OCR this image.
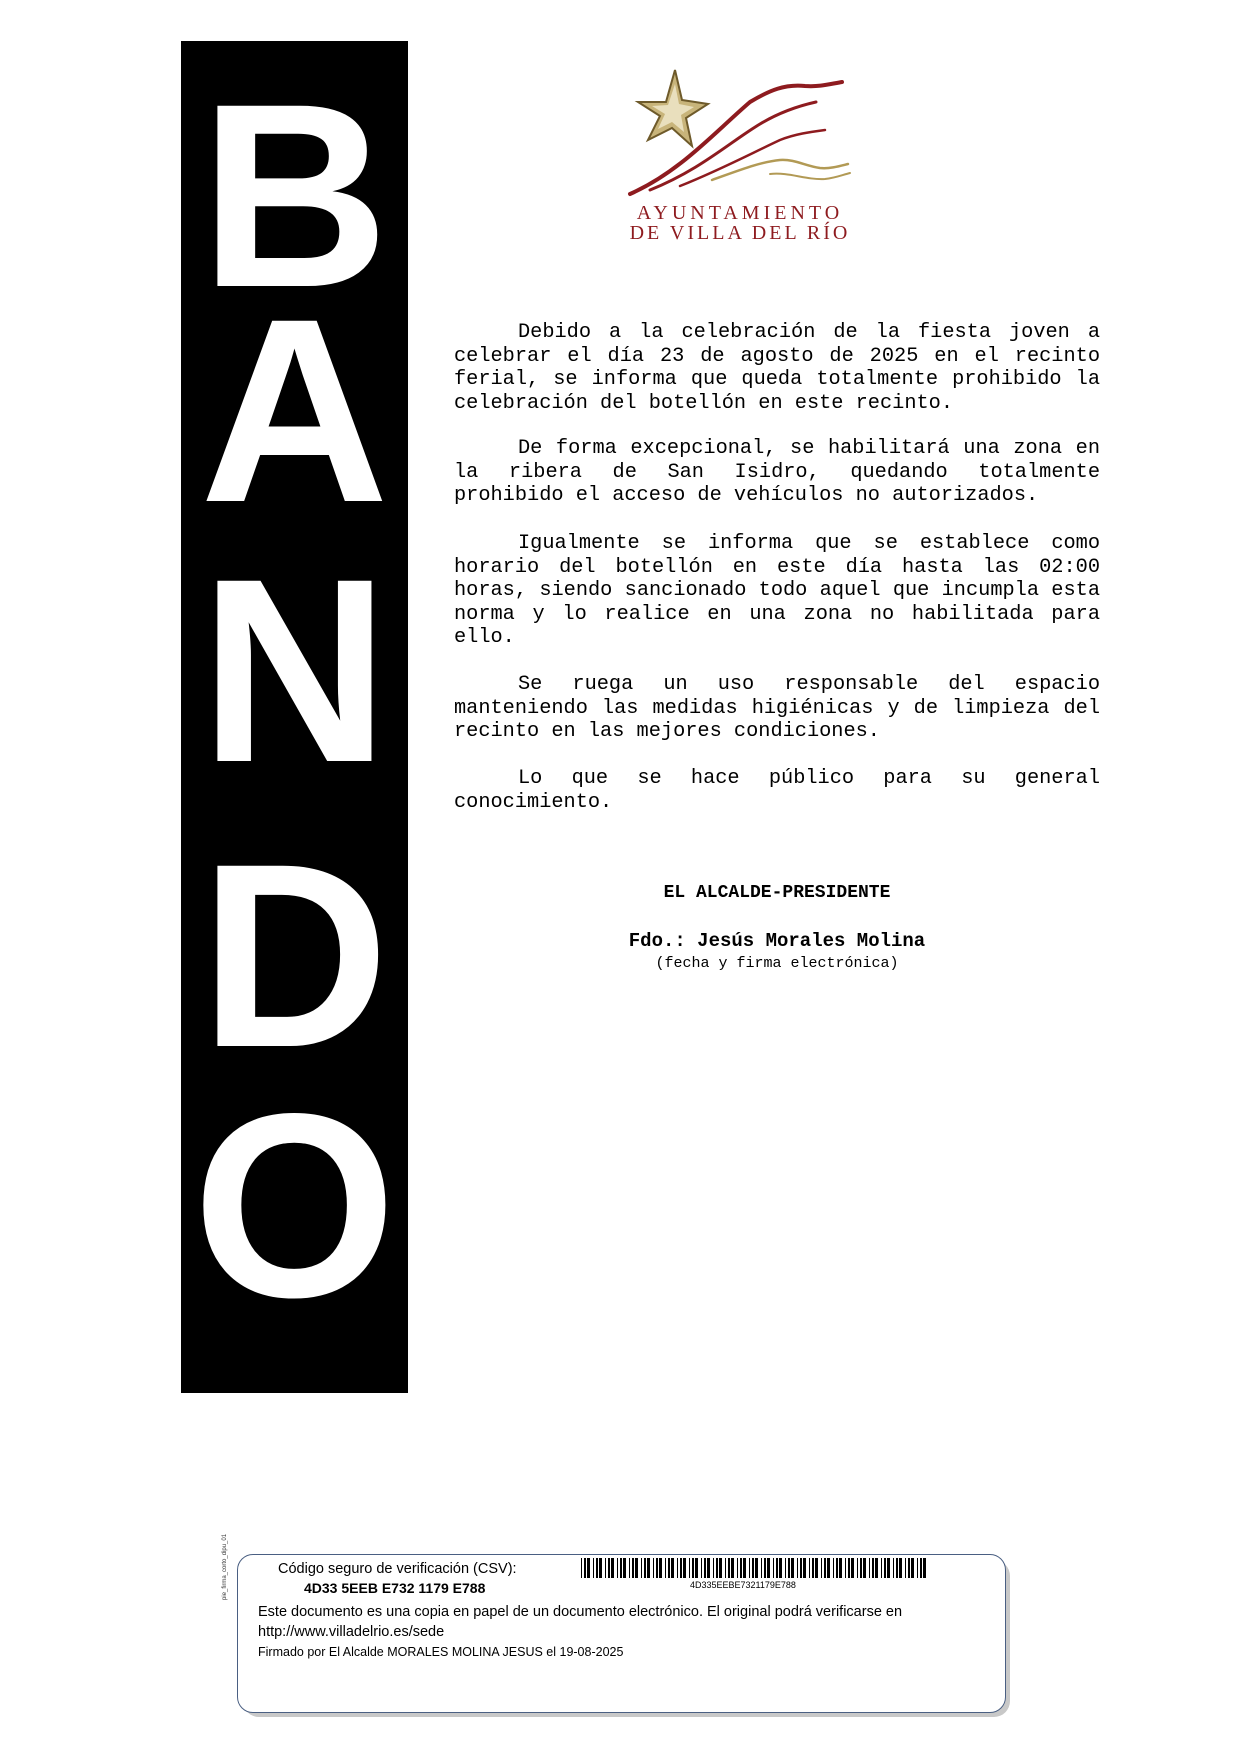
B
A
N
D
O
AYUNTAMIENTO
DE VILLA DEL RÍO

Debido a la celebración de la fiesta joven a celebrar el día 23 de agosto de 2025 en el recinto ferial, se informa que queda totalmente prohibido la celebración del botellón en este recinto.

De forma excepcional, se habilitará una zona en la ribera de San Isidro, quedando totalmente prohibido el acceso de vehículos no autorizados.

Igualmente se informa que se establece como horario del botellón en este día hasta las 02:00 horas, siendo sancionado todo aquel que incumpla esta norma y lo realice en una zona no habilitada para ello.

Se ruega un uso responsable del espacio manteniendo las medidas higiénicas y de limpieza del recinto en las mejores condiciones.

Lo que se hace público para su general conocimiento.

EL ALCALDE-PRESIDENTE
Fdo.: Jesús Morales Molina
(fecha y firma electrónica)
pie_firma_corto_dipu_01	Código seguro de verificación (CSV):
4D33 5EEB E732 1179 E788	4D335EEBE7321179E788
Este documento es una copia en papel de un documento electrónico. El original podrá verificarse en
http://www.villadelrio.es/sede
Firmado por El Alcalde MORALES MOLINA JESUS el 19-08-2025
